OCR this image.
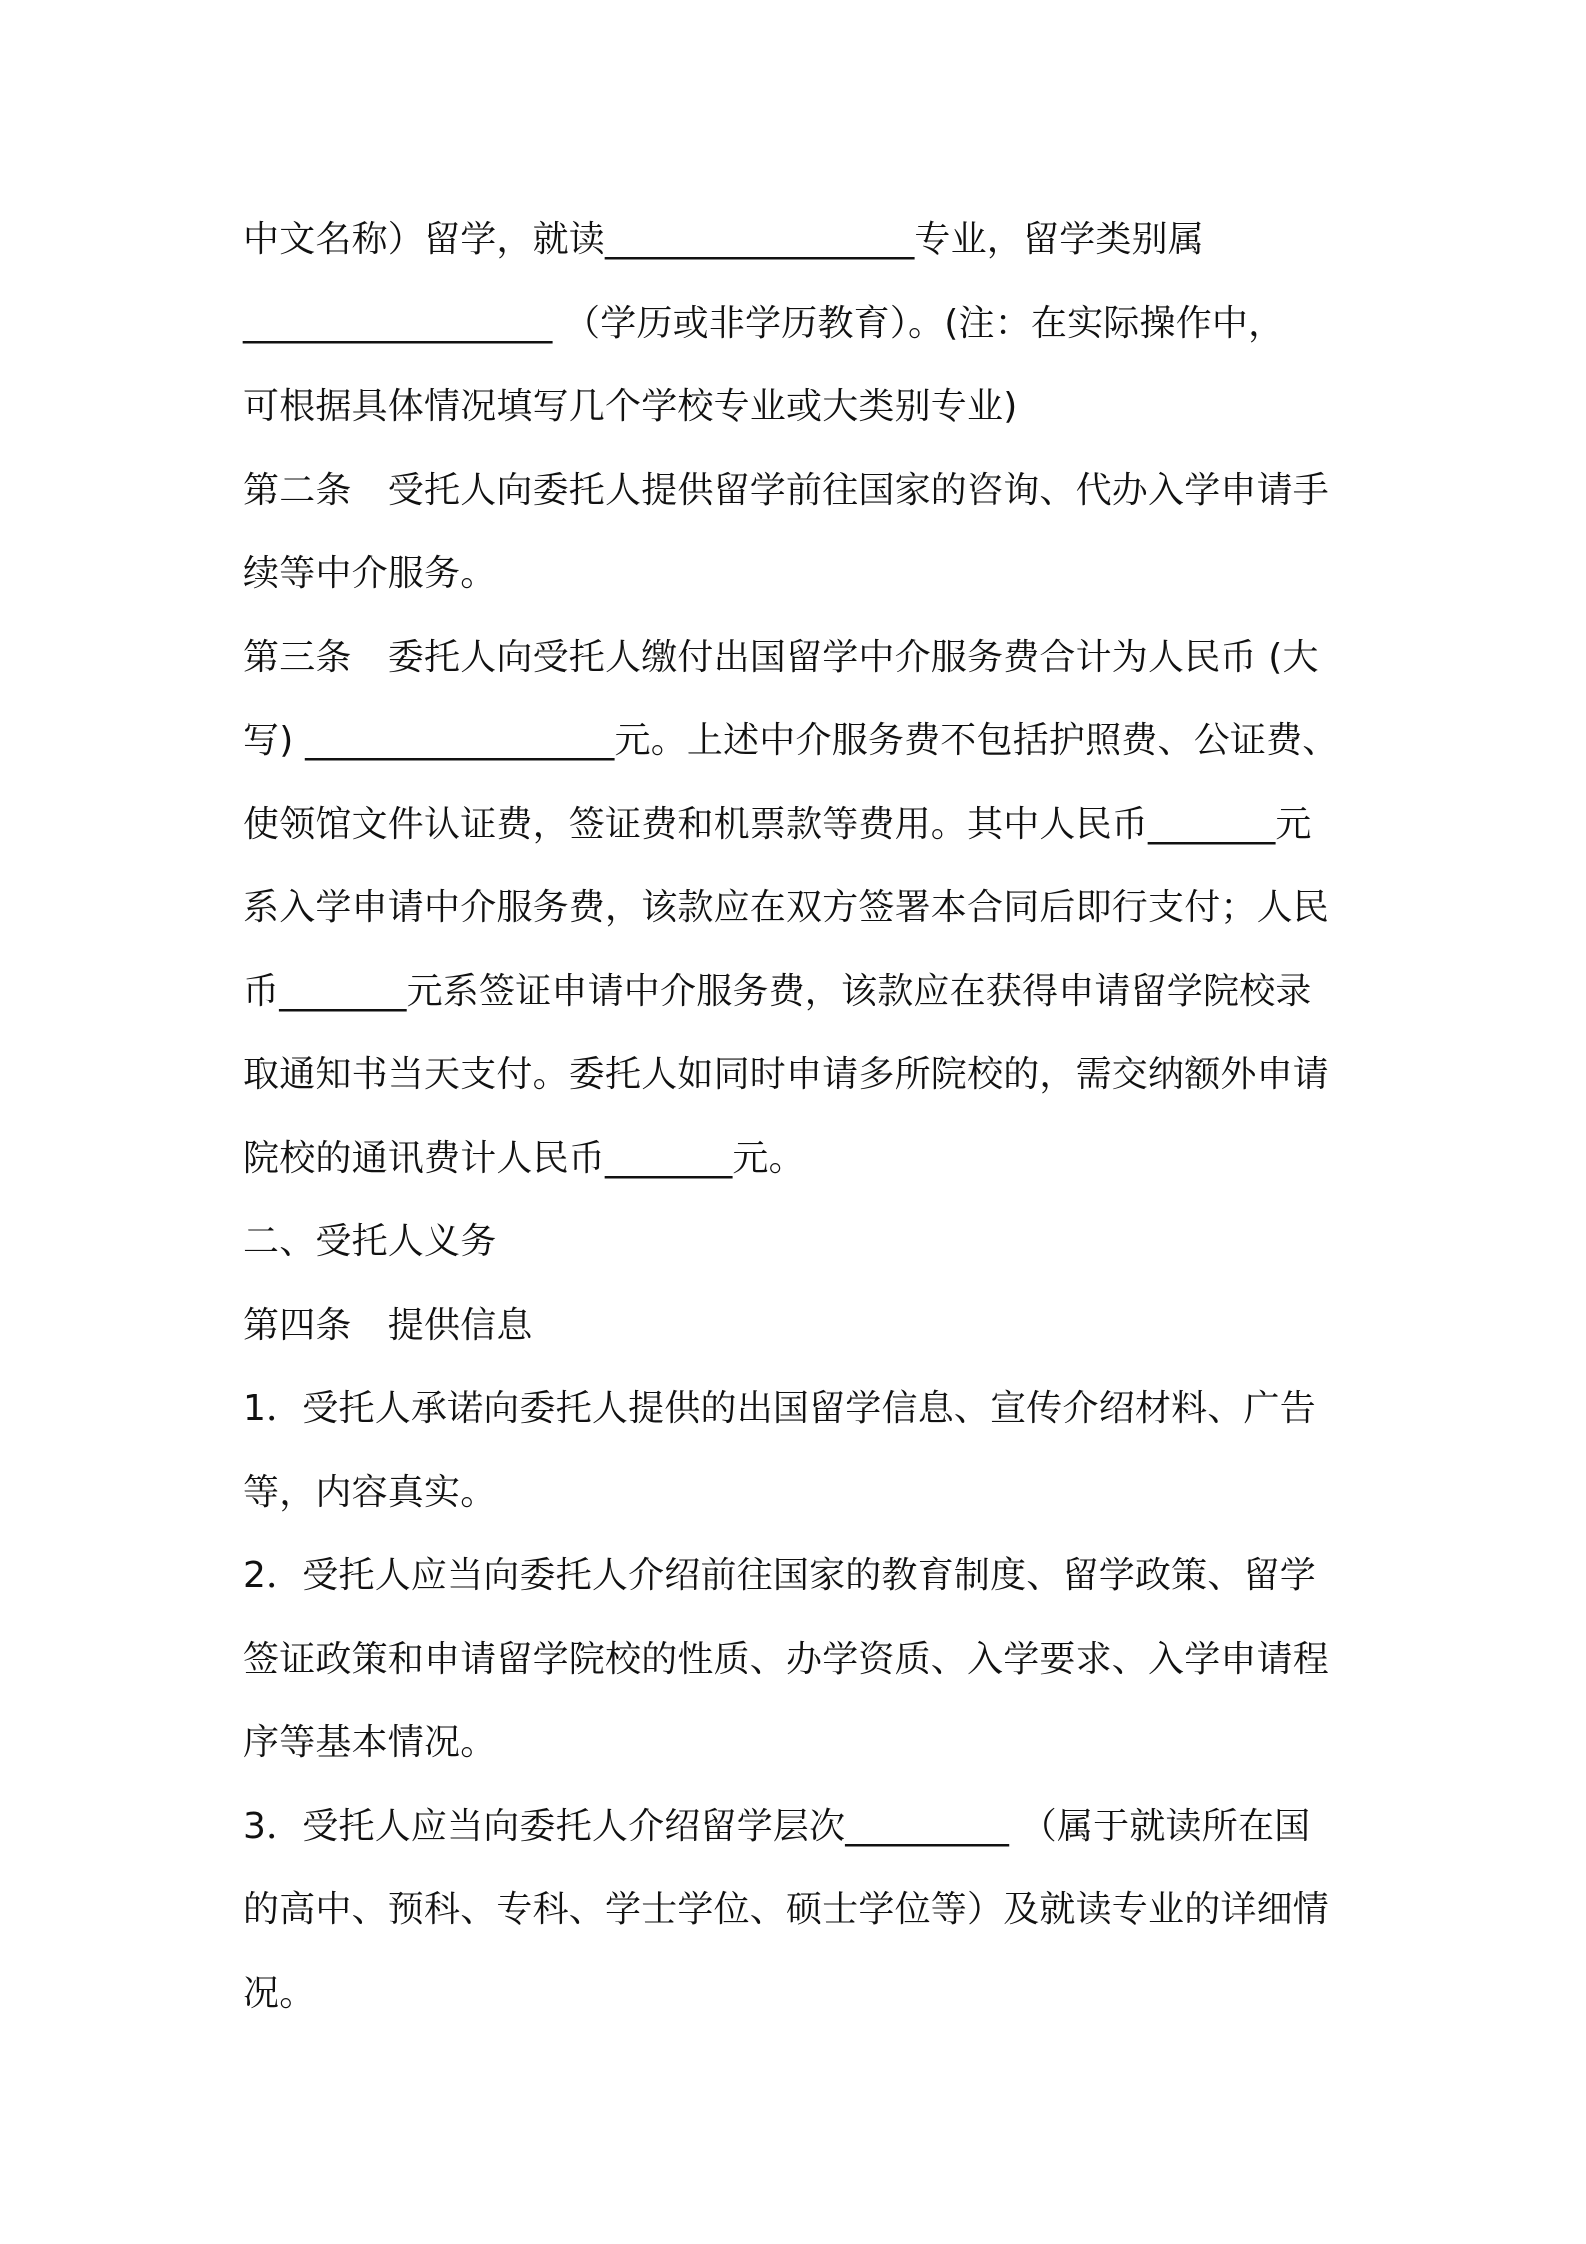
中文名称）留学，就读_________________专业，留学类别属
_________________ （学历或非学历教育）。(注：在实际操作中，
可根据具体情况填写几个学校专业或大类别专业)
第二条　受托人向委托人提供留学前往国家的咨询、代办入学申请手
续等中介服务。
第三条　委托人向受托人缴付出国留学中介服务费合计为人民币 (大
写) _________________元。上述中介服务费不包括护照费、公证费、
使领馆文件认证费，签证费和机票款等费用。其中人民币_______元
系入学申请中介服务费，该款应在双方签署本合同后即行支付；人民
币_______元系签证申请中介服务费，该款应在获得申请留学院校录
取通知书当天支付。委托人如同时申请多所院校的，需交纳额外申请
院校的通讯费计人民币_______元。
二、受托人义务
第四条　提供信息
1．受托人承诺向委托人提供的出国留学信息、宣传介绍材料、广告
等，内容真实。
2．受托人应当向委托人介绍前往国家的教育制度、留学政策、留学
签证政策和申请留学院校的性质、办学资质、入学要求、入学申请程
序等基本情况。
3．受托人应当向委托人介绍留学层次_________ （属于就读所在国
的高中、预科、专科、学士学位、硕士学位等）及就读专业的详细情
况。
